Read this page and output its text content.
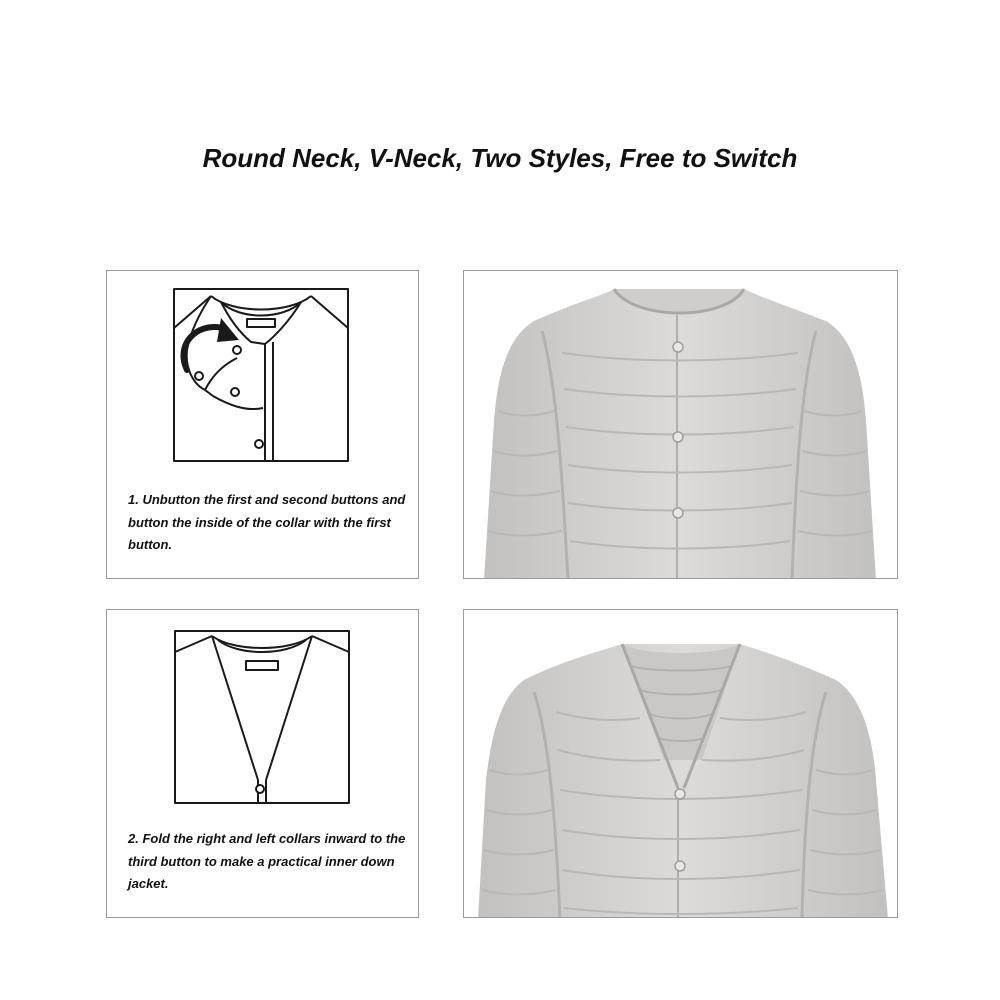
Round Neck, V-Neck, Two Styles, Free to Switch

1. Unbutton the first and second buttons and button the inside of the collar with the first button.

2. Fold the right and left collars inward to the third button to make a practical inner down jacket.
